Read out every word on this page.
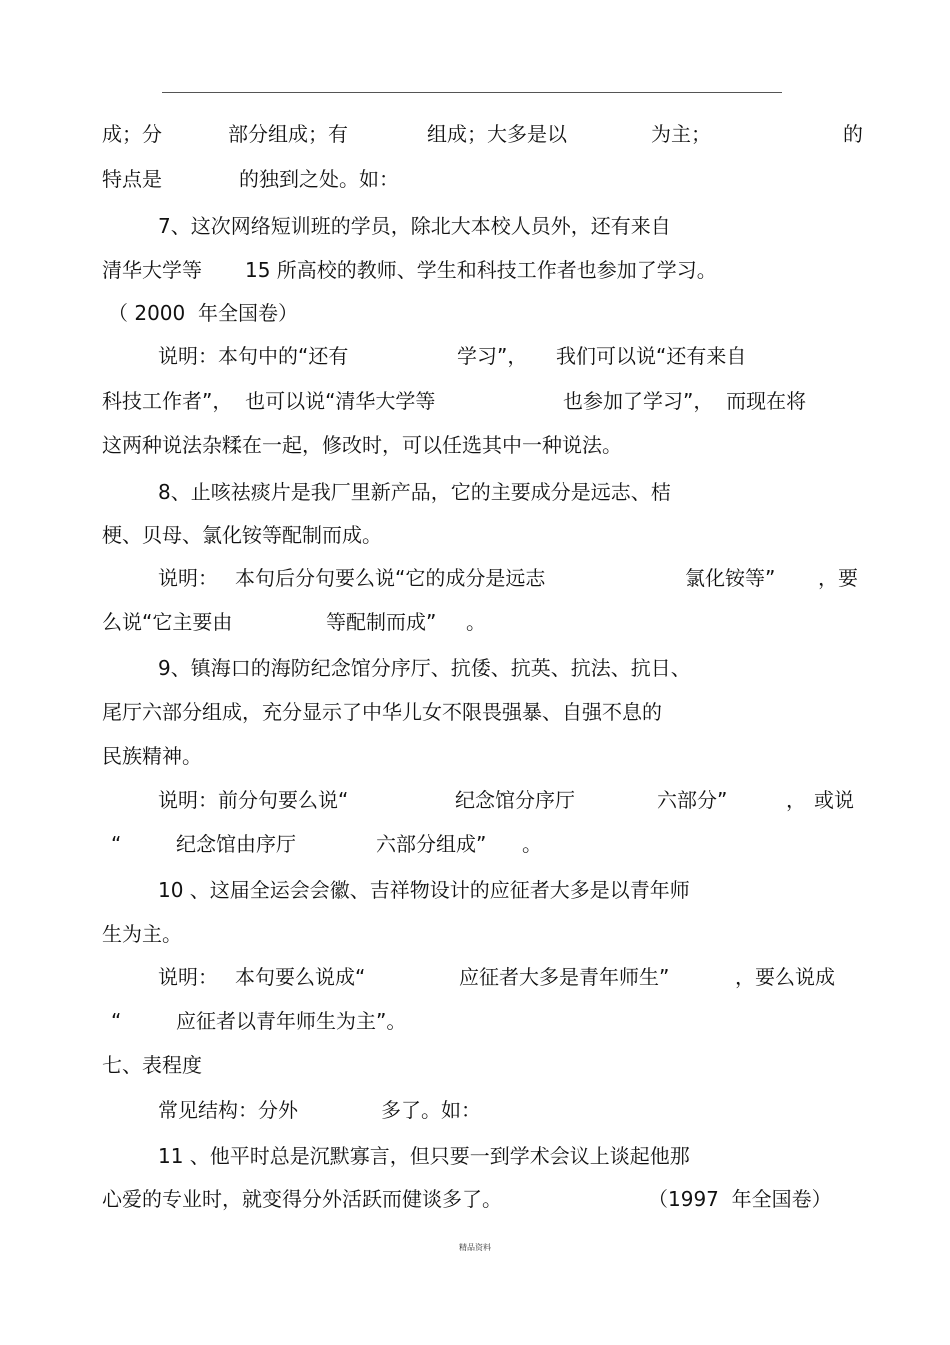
成；分

	部分组成；有

	组成；大多是以

	为主；

	的

特点是

	的独到之处。如：

7、这次网络短训班的学员，除北大本校人员外，还有来自

清华大学等

15 所高校的教师、学生和科技工作者也参加了学习。

（ 2000  年全国卷）

说明：本句中的“还有

	学习”，

我们可以说“还有来自

科技工作者”，  也可以说“清华大学等

	也参加了学习”，  而现在将

这两种说法杂糅在一起，修改时，可以任选其中一种说法。

8、止咳祛痰片是我厂里新产品，它的主要成分是远志、桔

梗、贝母、氯化铵等配制而成。

说明：

本句后分句要么说“它的成分是远志

	氯化铵等”

，要

么说“它主要由

	等配制而成”

。

9、镇海口的海防纪念馆分序厅、抗倭、抗英、抗法、抗日、

尾厅六部分组成，充分显示了中华儿女不限畏强暴、自强不息的

民族精神。

说明：前分句要么说“

	纪念馆分序厅

	六部分”

	，

或说

“

	纪念馆由序厅

	六部分组成”

。

10 、这届全运会会徽、吉祥物设计的应征者大多是以青年师

生为主。

说明：

本句要么说成“

	应征者大多是青年师生”

	，要么说成

“

	应征者以青年师生为主”。

七、表程度

常见结构：分外

	多了。如：

11 、他平时总是沉默寡言，但只要一到学术会议上谈起他那

心爱的专业时，就变得分外活跃而健谈多了。

	（1997  年全国卷）

精品资料
